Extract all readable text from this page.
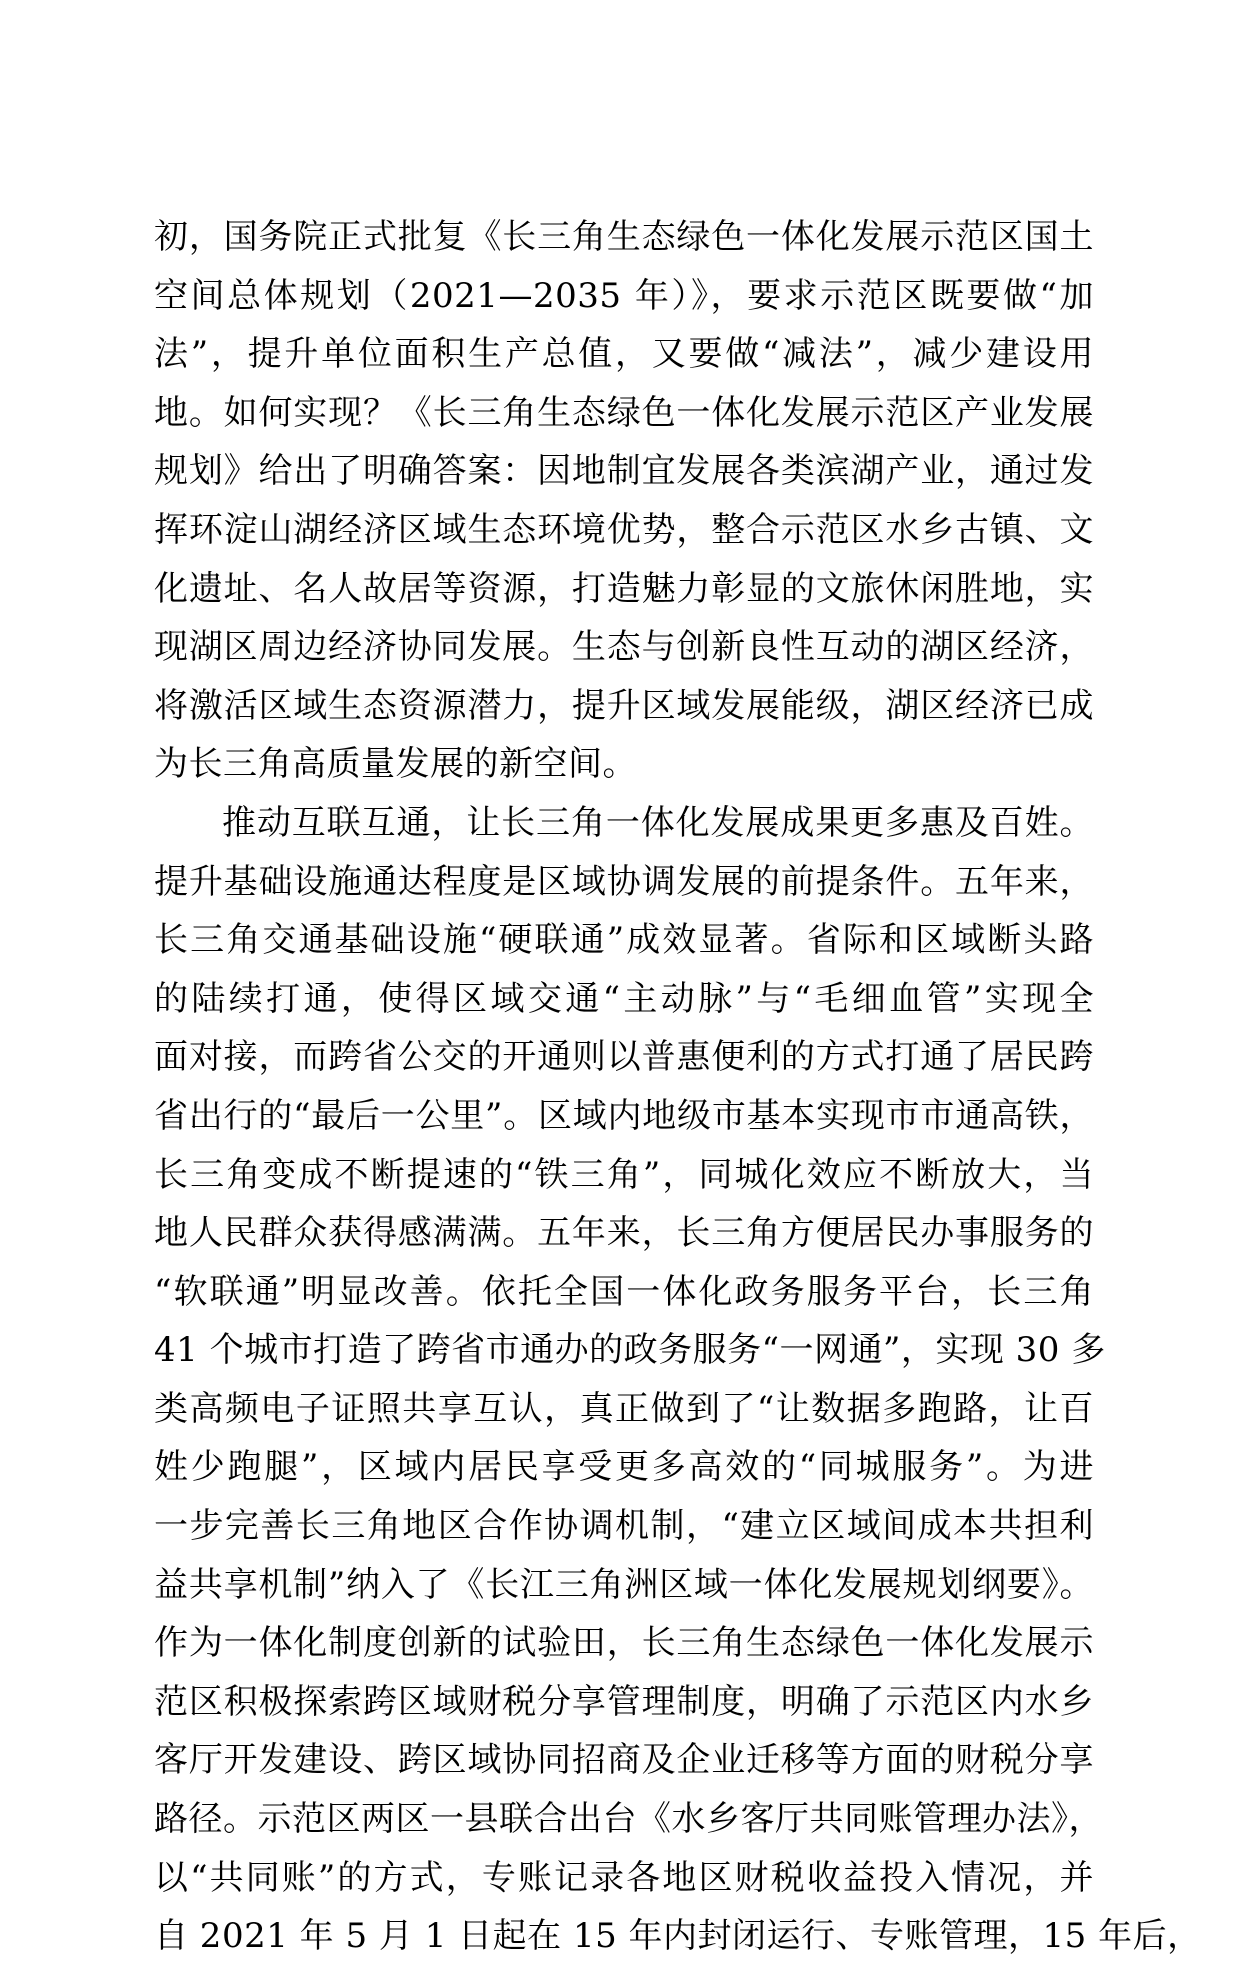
初，国务院正式批复《长三角生态绿色一体化发展示范区国土
空间总体规划（2021—2035 年）》，要求示范区既要做“加
法”，提升单位面积生产总值，又要做“减法”，减少建设用
地。如何实现？《长三角生态绿色一体化发展示范区产业发展
规划》给出了明确答案：因地制宜发展各类滨湖产业，通过发
挥环淀山湖经济区域生态环境优势，整合示范区水乡古镇、文
化遗址、名人故居等资源，打造魅力彰显的文旅休闲胜地，实
现湖区周边经济协同发展。生态与创新良性互动的湖区经济，
将激活区域生态资源潜力，提升区域发展能级，湖区经济已成
为长三角高质量发展的新空间。
推动互联互通，让长三角一体化发展成果更多惠及百姓。
提升基础设施通达程度是区域协调发展的前提条件。五年来，
长三角交通基础设施“硬联通”成效显著。省际和区域断头路
的陆续打通，使得区域交通“主动脉”与“毛细血管”实现全
面对接，而跨省公交的开通则以普惠便利的方式打通了居民跨
省出行的“最后一公里”。区域内地级市基本实现市市通高铁，
长三角变成不断提速的“铁三角”，同城化效应不断放大，当
地人民群众获得感满满。五年来，长三角方便居民办事服务的
“软联通”明显改善。依托全国一体化政务服务平台，长三角
41 个城市打造了跨省市通办的政务服务“一网通”，实现 30 多
类高频电子证照共享互认，真正做到了“让数据多跑路，让百
姓少跑腿”，区域内居民享受更多高效的“同城服务”。为进
一步完善长三角地区合作协调机制，“建立区域间成本共担利
益共享机制”纳入了《长江三角洲区域一体化发展规划纲要》。
作为一体化制度创新的试验田，长三角生态绿色一体化发展示
范区积极探索跨区域财税分享管理制度，明确了示范区内水乡
客厅开发建设、跨区域协同招商及企业迁移等方面的财税分享
路径。示范区两区一县联合出台《水乡客厅共同账管理办法》，
以“共同账”的方式，专账记录各地区财税收益投入情况，并
自 2021 年 5 月 1 日起在 15 年内封闭运行、专账管理，15 年后，
